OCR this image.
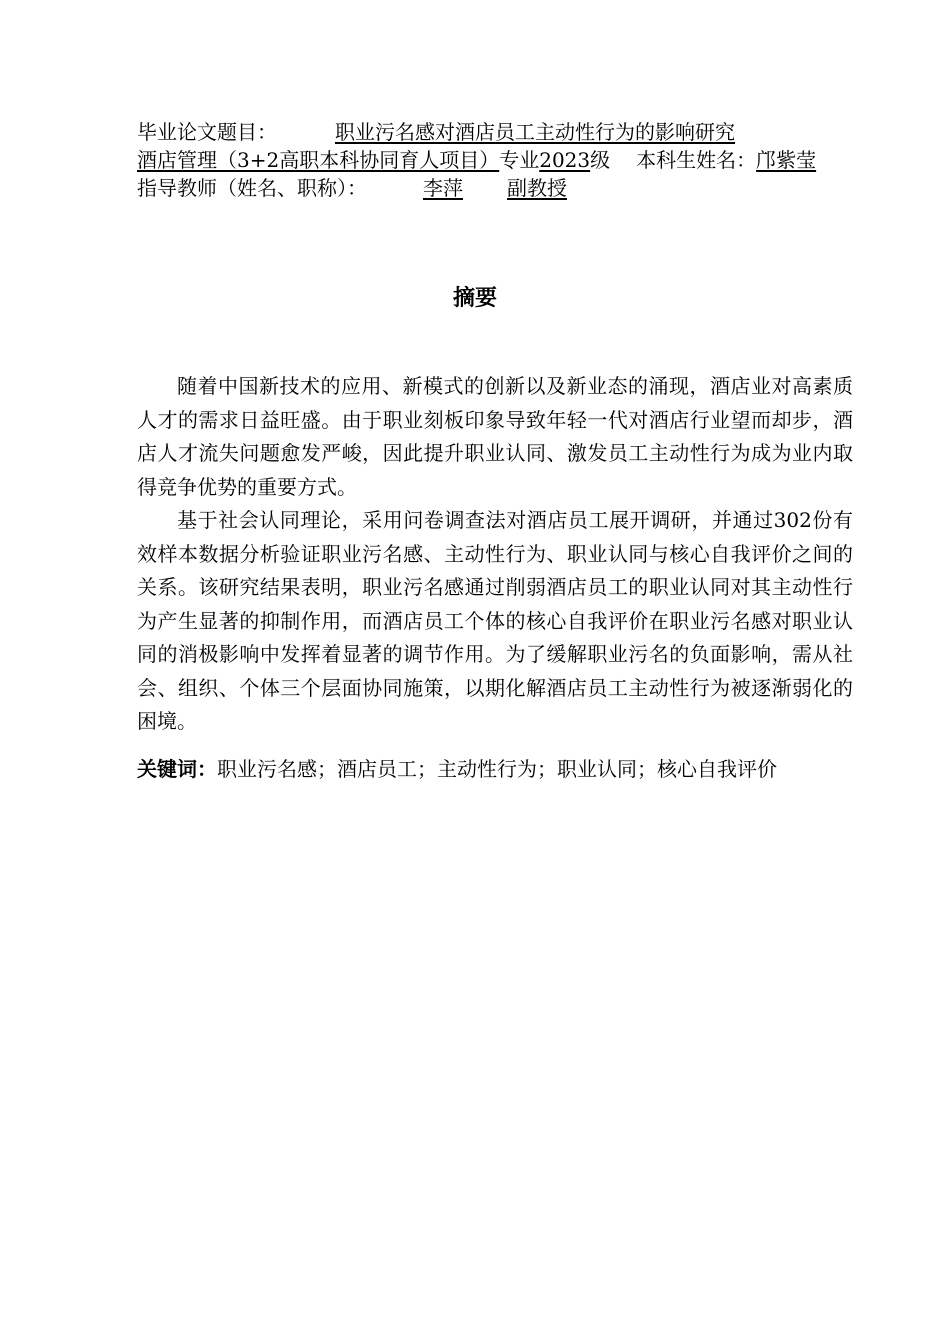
毕业论文题目：	职业污名感对酒店员工主动性行为的影响研究
酒店管理（3+2高职本科协同育人项目）专业2023级 本科生姓名：邝紫莹
指导教师（姓名、职称）：	李萍 副教授
摘要

随着中国新技术的应用、新模式的创新以及新业态的涌现，酒店业对高素质人才的需求日益旺盛。由于职业刻板印象导致年轻一代对酒店行业望而却步，酒店人才流失问题愈发严峻，因此提升职业认同、激发员工主动性行为成为业内取得竞争优势的重要方式。

基于社会认同理论，采用问卷调查法对酒店员工展开调研，并通过302份有效样本数据分析验证职业污名感、主动性行为、职业认同与核心自我评价之间的关系。该研究结果表明，职业污名感通过削弱酒店员工的职业认同对其主动性行为产生显著的抑制作用，而酒店员工个体的核心自我评价在职业污名感对职业认同的消极影响中发挥着显著的调节作用。为了缓解职业污名的负面影响，需从社会、组织、个体三个层面协同施策，以期化解酒店员工主动性行为被逐渐弱化的困境。

关键词：职业污名感；酒店员工；主动性行为；职业认同；核心自我评价
